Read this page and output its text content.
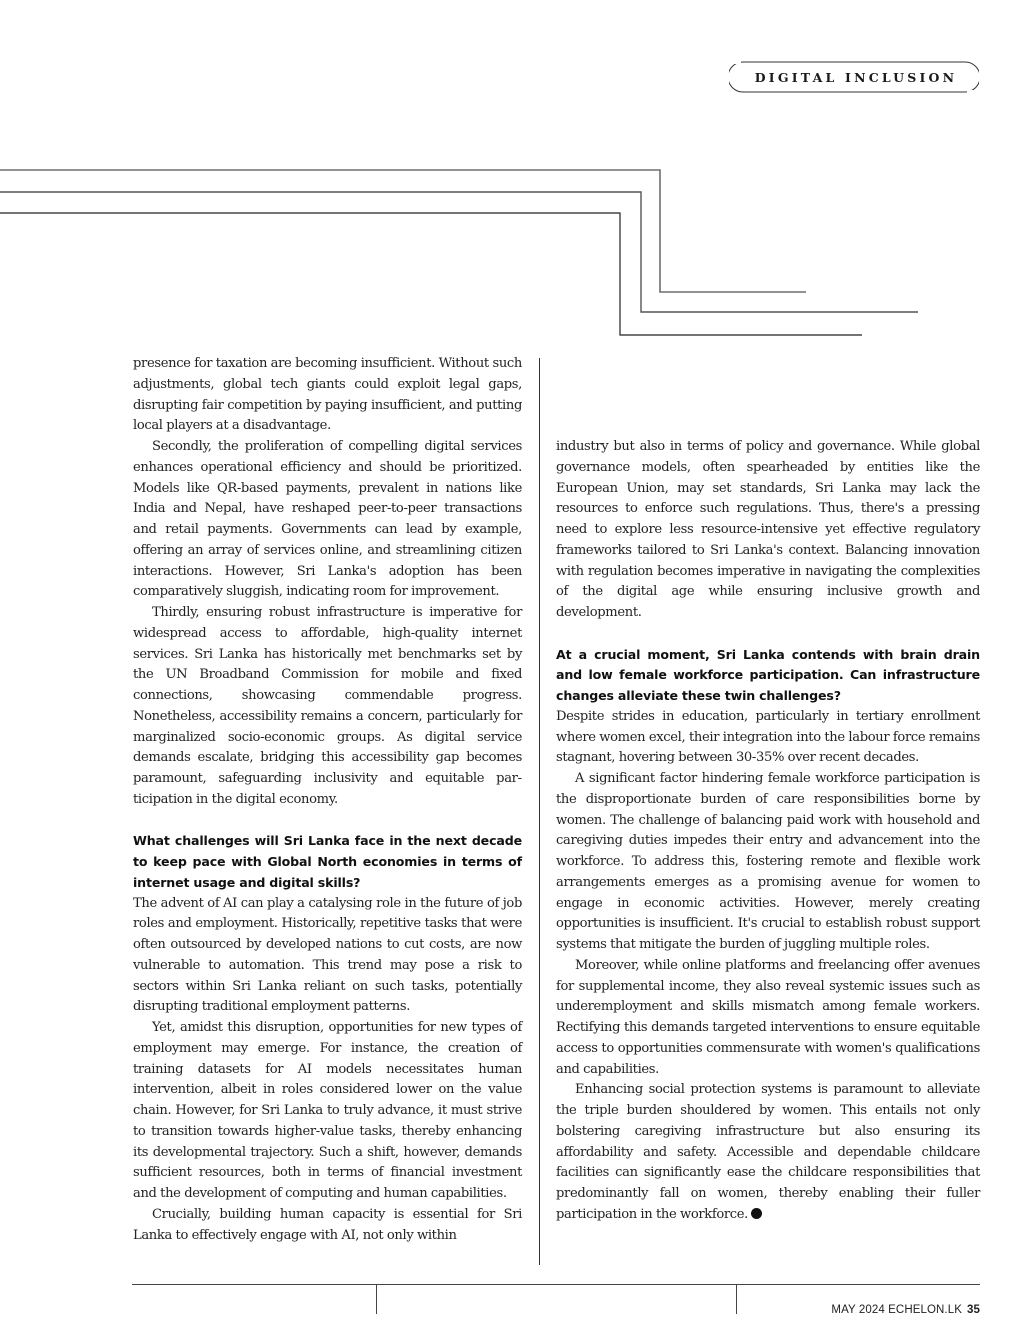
DIGITAL INCLUSION

presence for taxation are becoming insufficient. Without such adjustments, global tech giants could exploit legal gaps, disrupting fair competition by paying insufficient, and putting local players at a disadvantage.

Secondly, the proliferation of compelling digital services enhances operational efficiency and should be prioritized. Models like QR-based payments, prevalent in nations like India and Nepal, have reshaped peer-to-peer transactions and retail payments. Governments can lead by example, offering an array of services online, and streamlining citizen interactions. However, Sri Lanka's adoption has been comparatively sluggish, indicating room for improvement.

Thirdly, ensuring robust infrastructure is imperative for widespread access to affordable, high-quality internet services. Sri Lanka has historically met benchmarks set by the UN Broadband Commission for mobile and fixed connections, showcasing commendable progress. Nonetheless, accessibility remains a concern, particularly for marginalized socio-economic groups. As digital service demands escalate, bridging this accessibility gap becomes paramount, safeguarding inclusivity and equitable participation in the digital economy.

What challenges will Sri Lanka face in the next decade to keep pace with Global North economies in terms of internet usage and digital skills?

The advent of AI can play a catalysing role in the future of job roles and employment. Historically, repetitive tasks that were often outsourced by developed nations to cut costs, are now vulnerable to automation. This trend may pose a risk to sectors within Sri Lanka reliant on such tasks, potentially disrupting traditional employment patterns.

Yet, amidst this disruption, opportunities for new types of employment may emerge. For instance, the creation of training datasets for AI models necessitates human intervention, albeit in roles considered lower on the value chain. However, for Sri Lanka to truly advance, it must strive to transition towards higher-value tasks, thereby enhancing its developmental trajectory. Such a shift, however, demands sufficient resources, both in terms of financial investment and the development of computing and human capabilities.

Crucially, building human capacity is essential for Sri Lanka to effectively engage with AI, not only within

industry but also in terms of policy and governance. While global governance models, often spearheaded by entities like the European Union, may set standards, Sri Lanka may lack the resources to enforce such regulations. Thus, there's a pressing need to explore less resource-intensive yet effective regulatory frameworks tailored to Sri Lanka's context. Balancing innovation with regulation becomes imperative in navigating the complexities of the digital age while ensuring inclusive growth and development.

At a crucial moment, Sri Lanka contends with brain drain and low female workforce participation. Can infrastructure changes alleviate these twin challenges?

Despite strides in education, particularly in tertiary enrollment where women excel, their integration into the labour force remains stagnant, hovering between 30-35% over recent decades.

A significant factor hindering female workforce participation is the disproportionate burden of care responsibilities borne by women. The challenge of balancing paid work with household and caregiving duties impedes their entry and advancement into the workforce. To address this, fostering remote and flexible work arrangements emerges as a promising avenue for women to engage in economic activities. However, merely creating opportunities is insufficient. It's crucial to establish robust support systems that mitigate the burden of juggling multiple roles.

Moreover, while online platforms and freelancing offer avenues for supplemental income, they also reveal systemic issues such as underemployment and skills mismatch among female workers. Rectifying this demands targeted interventions to ensure equitable access to opportunities commensurate with women's qualifications and capabilities.

Enhancing social protection systems is paramount to alleviate the triple burden shouldered by women. This entails not only bolstering caregiving infrastructure but also ensuring its affordability and safety. Accessible and dependable childcare facilities can significantly ease the childcare responsibilities that predominantly fall on women, thereby enabling their fuller participation in the workforce.

MAY 2024 ECHELON.LK 35
